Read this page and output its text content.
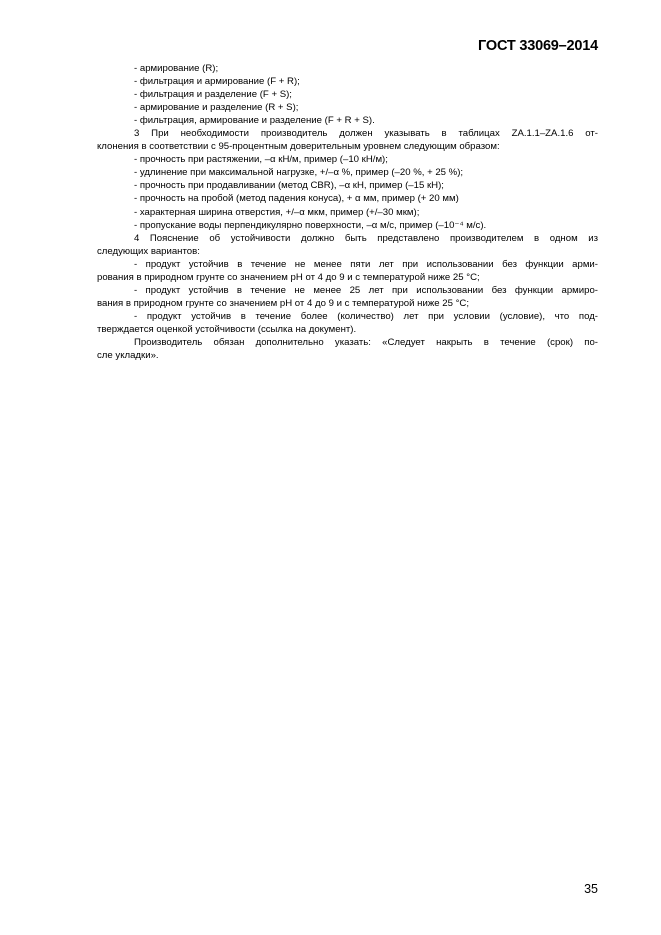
ГОСТ 33069–2014
- армирование (R);
- фильтрация и армирование (F + R);
- фильтрация и разделение (F + S);
- армирование и разделение (R + S);
- фильтрация, армирование и разделение (F + R + S).
3 При необходимости производитель должен указывать в таблицах ZA.1.1–ZA.1.6 от-
клонения в соответствии с 95-процентным доверительным уровнем следующим образом:
- прочность при растяжении, –α кН/м, пример (–10 кН/м);
- удлинение при максимальной нагрузке, +/–α %, пример (–20 %, + 25 %);
- прочность при продавливании (метод CBR), –α кН, пример (–15 кН);
- прочность на пробой (метод падения конуса), + α мм, пример (+ 20 мм)
- характерная ширина отверстия, +/–α мкм, пример (+/–30 мкм);
- пропускание воды перпендикулярно поверхности, –α м/с, пример (–10⁻⁴ м/с).
4 Пояснение об устойчивости должно быть представлено производителем в одном из
следующих вариантов:
- продукт устойчив в течение не менее пяти лет при использовании без функции арми-
рования в природном грунте со значением pH от 4 до 9 и с температурой ниже 25 °С;
- продукт устойчив в течение не менее 25 лет при использовании без функции армиро-
вания в природном грунте со значением pH от 4 до 9 и с температурой ниже 25 °С;
- продукт устойчив в течение более (количество) лет при условии (условие), что под-
тверждается оценкой устойчивости (ссылка на документ).
Производитель обязан дополнительно указать: «Следует накрыть в течение (срок) по-
сле укладки».
35
